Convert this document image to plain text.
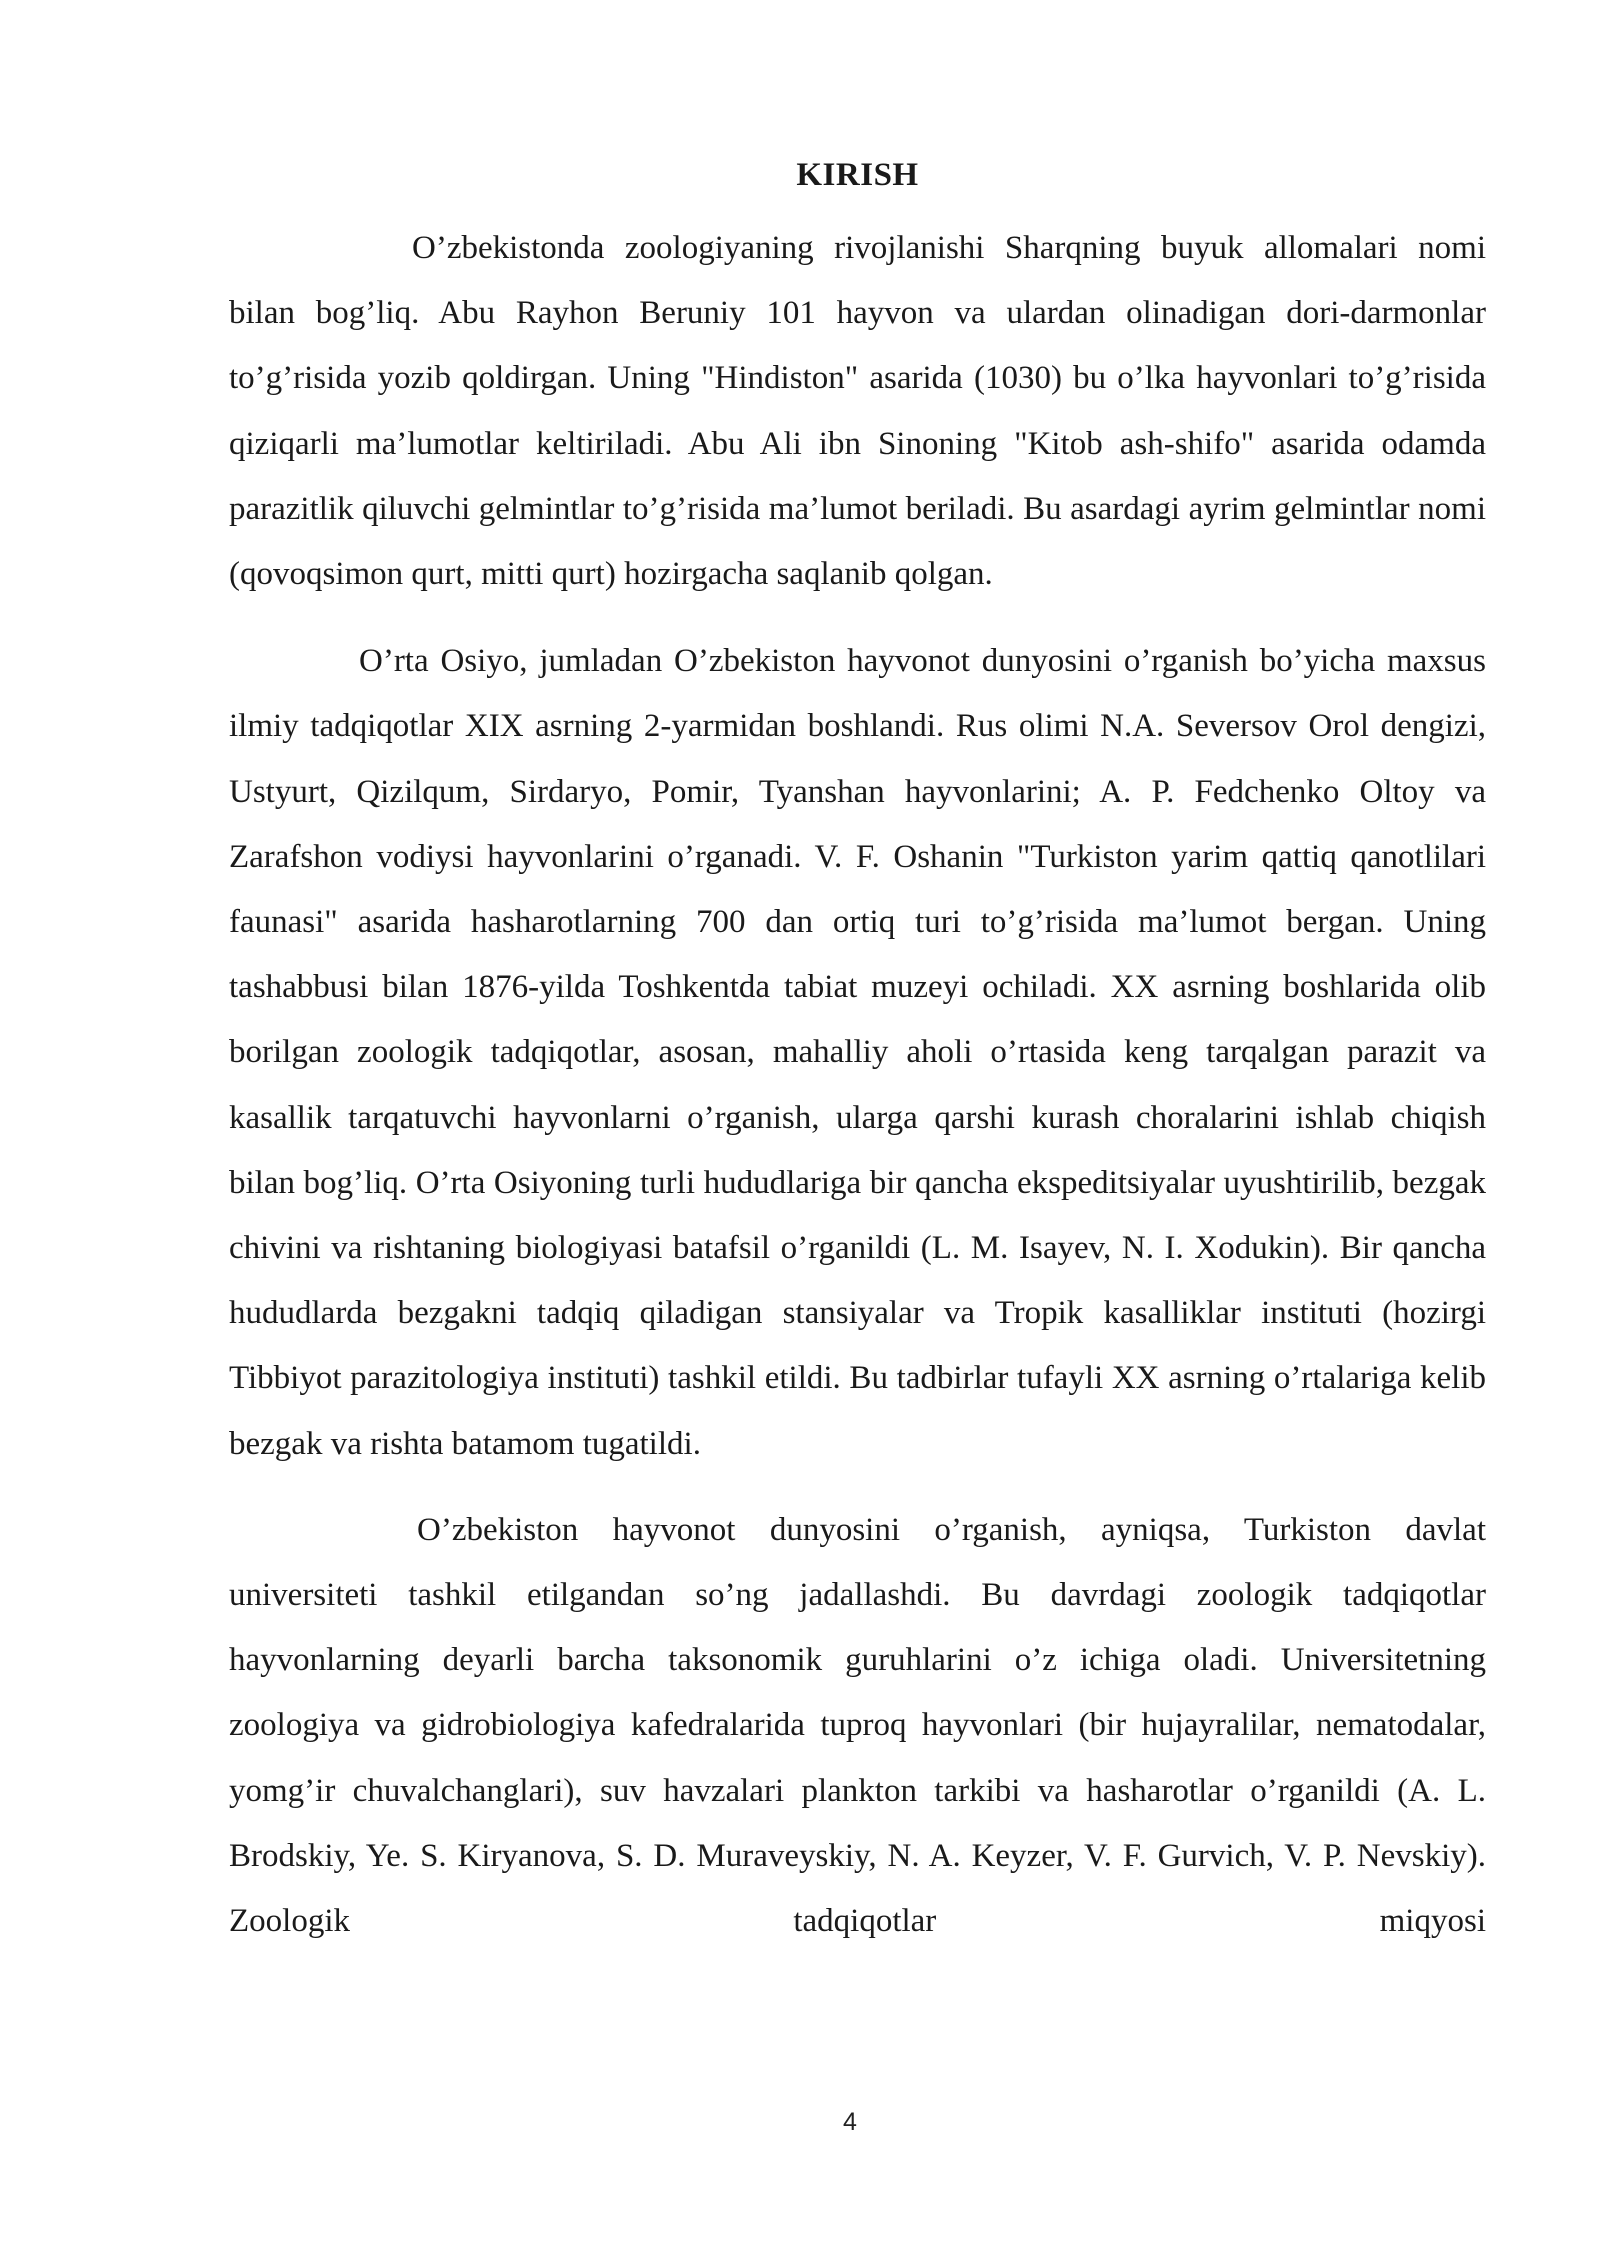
KIRISH

O’zbekistonda zoologiyaning rivojlanishi Sharqning buyuk allomalari nomi bilan bog’liq. Abu Rayhon Beruniy 101 hayvon va ulardan olinadigan dori-darmonlar to’g’risida yozib qoldirgan. Uning "Hindiston" asarida (1030) bu o’lka hayvonlari to’g’risida qiziqarli ma’lumotlar keltiriladi. Abu Ali ibn Sinoning "Kitob ash-shifo" asarida odamda parazitlik qiluvchi gelmintlar to’g’risida ma’lumot beriladi. Bu asardagi ayrim gelmintlar nomi (qovoqsimon qurt, mitti qurt) hozirgacha saqlanib qolgan.

O’rta Osiyo, jumladan O’zbekiston hayvonot dunyosini o’rganish bo’yicha maxsus ilmiy tadqiqotlar XIX asrning 2-yarmidan boshlandi. Rus olimi N.A. Seversov Orol dengizi, Ustyurt, Qizilqum, Sirdaryo, Pomir, Tyanshan hayvonlarini; A. P. Fedchenko Oltoy va Zarafshon vodiysi hayvonlarini o’rganadi. V. F. Oshanin "Turkiston yarim qattiq qanotlilari faunasi" asarida hasharotlarning 700 dan ortiq turi to’g’risida ma’lumot bergan. Uning tashabbusi bilan 1876-yilda Toshkentda tabiat muzeyi ochiladi. XX asrning boshlarida olib borilgan zoologik tadqiqotlar, asosan, mahalliy aholi o’rtasida keng tarqalgan parazit va kasallik tarqatuvchi hayvonlarni o’rganish, ularga qarshi kurash choralarini ishlab chiqish bilan bog’liq. O’rta Osiyoning turli hududlariga bir qancha ekspeditsiyalar uyushtirilib, bezgak chivini va rishtaning biologiyasi batafsil o’rganildi (L. M. Isayev, N. I. Xodukin). Bir qancha hududlarda bezgakni tadqiq qiladigan stansiyalar va Tropik kasalliklar instituti (hozirgi Tibbiyot parazitologiya instituti) tashkil etildi. Bu tadbirlar tufayli XX asrning o’rtalariga kelib bezgak va rishta batamom tugatildi.

O’zbekiston hayvonot dunyosini o’rganish, ayniqsa, Turkiston davlat universiteti tashkil etilgandan so’ng jadallashdi. Bu davrdagi zoologik tadqiqotlar hayvonlarning deyarli barcha taksonomik guruhlarini o’z ichiga oladi. Universitetning zoologiya va gidrobiologiya kafedralarida tuproq hayvonlari (bir hujayralilar, nematodalar, yomg’ir chuvalchanglari), suv havzalari plankton tarkibi va hasharotlar o’rganildi (A. L. Brodskiy, Ye. S. Kiryanova, S. D. Muraveyskiy, N. A. Keyzer, V. F. Gurvich, V. P. Nevskiy). Zoologik tadqiqotlar miqyosi

4
